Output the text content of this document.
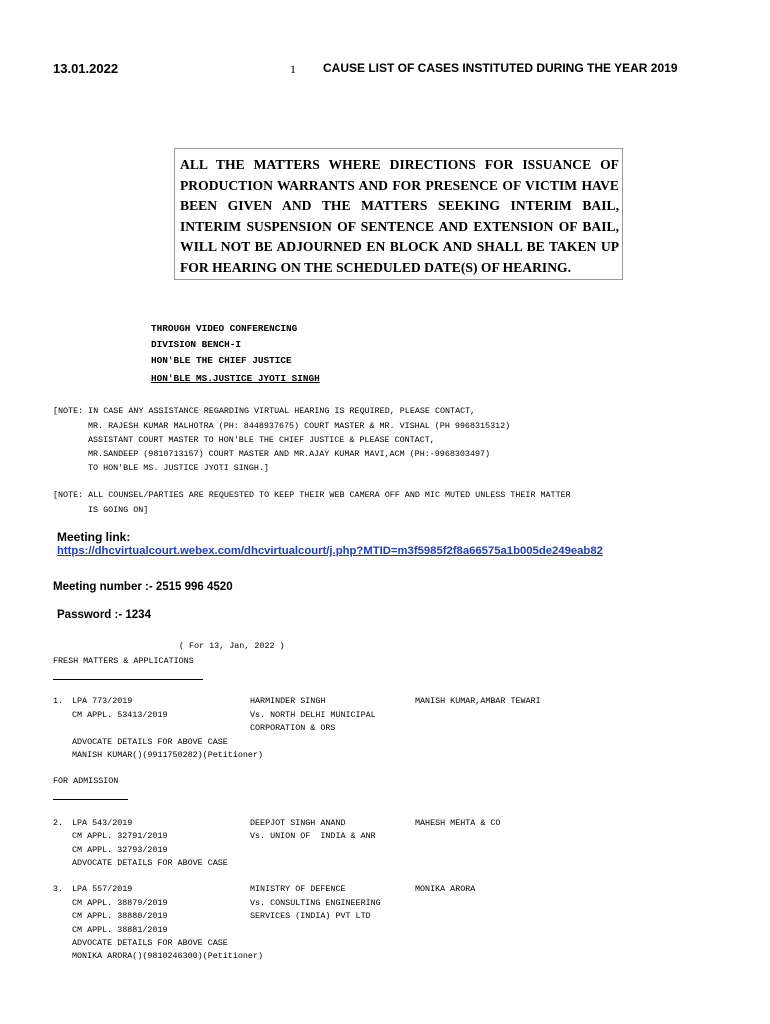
13.01.2022	1 CAUSE LIST OF CASES INSTITUTED DURING THE YEAR 2019
ALL THE MATTERS WHERE DIRECTIONS FOR ISSUANCE OF PRODUCTION WARRANTS AND FOR PRESENCE OF VICTIM HAVE BEEN GIVEN AND THE MATTERS SEEKING INTERIM BAIL, INTERIM SUSPENSION OF SENTENCE AND EXTENSION OF BAIL, WILL NOT BE ADJOURNED EN BLOCK AND SHALL BE TAKEN UP FOR HEARING ON THE SCHEDULED DATE(S) OF HEARING.
THROUGH VIDEO CONFERENCING
DIVISION BENCH-I
HON'BLE THE CHIEF JUSTICE
HON'BLE MS.JUSTICE JYOTI SINGH
[NOTE: IN CASE ANY ASSISTANCE REGARDING VIRTUAL HEARING IS REQUIRED, PLEASE CONTACT,
MR. RAJESH KUMAR MALHOTRA (PH: 8448937675) COURT MASTER & MR. VISHAL (PH 9968315312)
ASSISTANT COURT MASTER TO HON'BLE THE CHIEF JUSTICE & PLEASE CONTACT,
MR.SANDEEP (9810713157) COURT MASTER AND MR.AJAY KUMAR MAVI,ACM (PH:-9968303497)
TO HON'BLE MS. JUSTICE JYOTI SINGH.]
[NOTE: ALL COUNSEL/PARTIES ARE REQUESTED TO KEEP THEIR WEB CAMERA OFF AND MIC MUTED UNLESS THEIR MATTER
IS GOING ON]
Meeting link:
https://dhcvirtualcourt.webex.com/dhcvirtualcourt/j.php?MTID=m3f5985f2f8a66575a1b005de249eab82
Meeting number :- 2515 996 4520
Password :- 1234
( For 13, Jan, 2022 )
FRESH MATTERS & APPLICATIONS
1. LPA 773/2019
CM APPL. 53413/2019
HARMINDER SINGH
Vs. NORTH DELHI MUNICIPAL
CORPORATION & ORS
MANISH KUMAR,AMBAR TEWARI
ADVOCATE DETAILS FOR ABOVE CASE
MANISH KUMAR()(9911750282)(Petitioner)
FOR ADMISSION
2. LPA 543/2019
CM APPL. 32791/2019
CM APPL. 32793/2019
DEEPJOT SINGH ANAND
Vs. UNION OF  INDIA & ANR
MAHESH MEHTA & CO
ADVOCATE DETAILS FOR ABOVE CASE
3. LPA 557/2019
CM APPL. 38879/2019
CM APPL. 38880/2019
CM APPL. 38881/2019
MINISTRY OF DEFENCE
Vs. CONSULTING ENGINEERING
SERVICES (INDIA) PVT LTD
MONIKA ARORA
ADVOCATE DETAILS FOR ABOVE CASE
MONIKA ARORA()(9810246300)(Petitioner)
